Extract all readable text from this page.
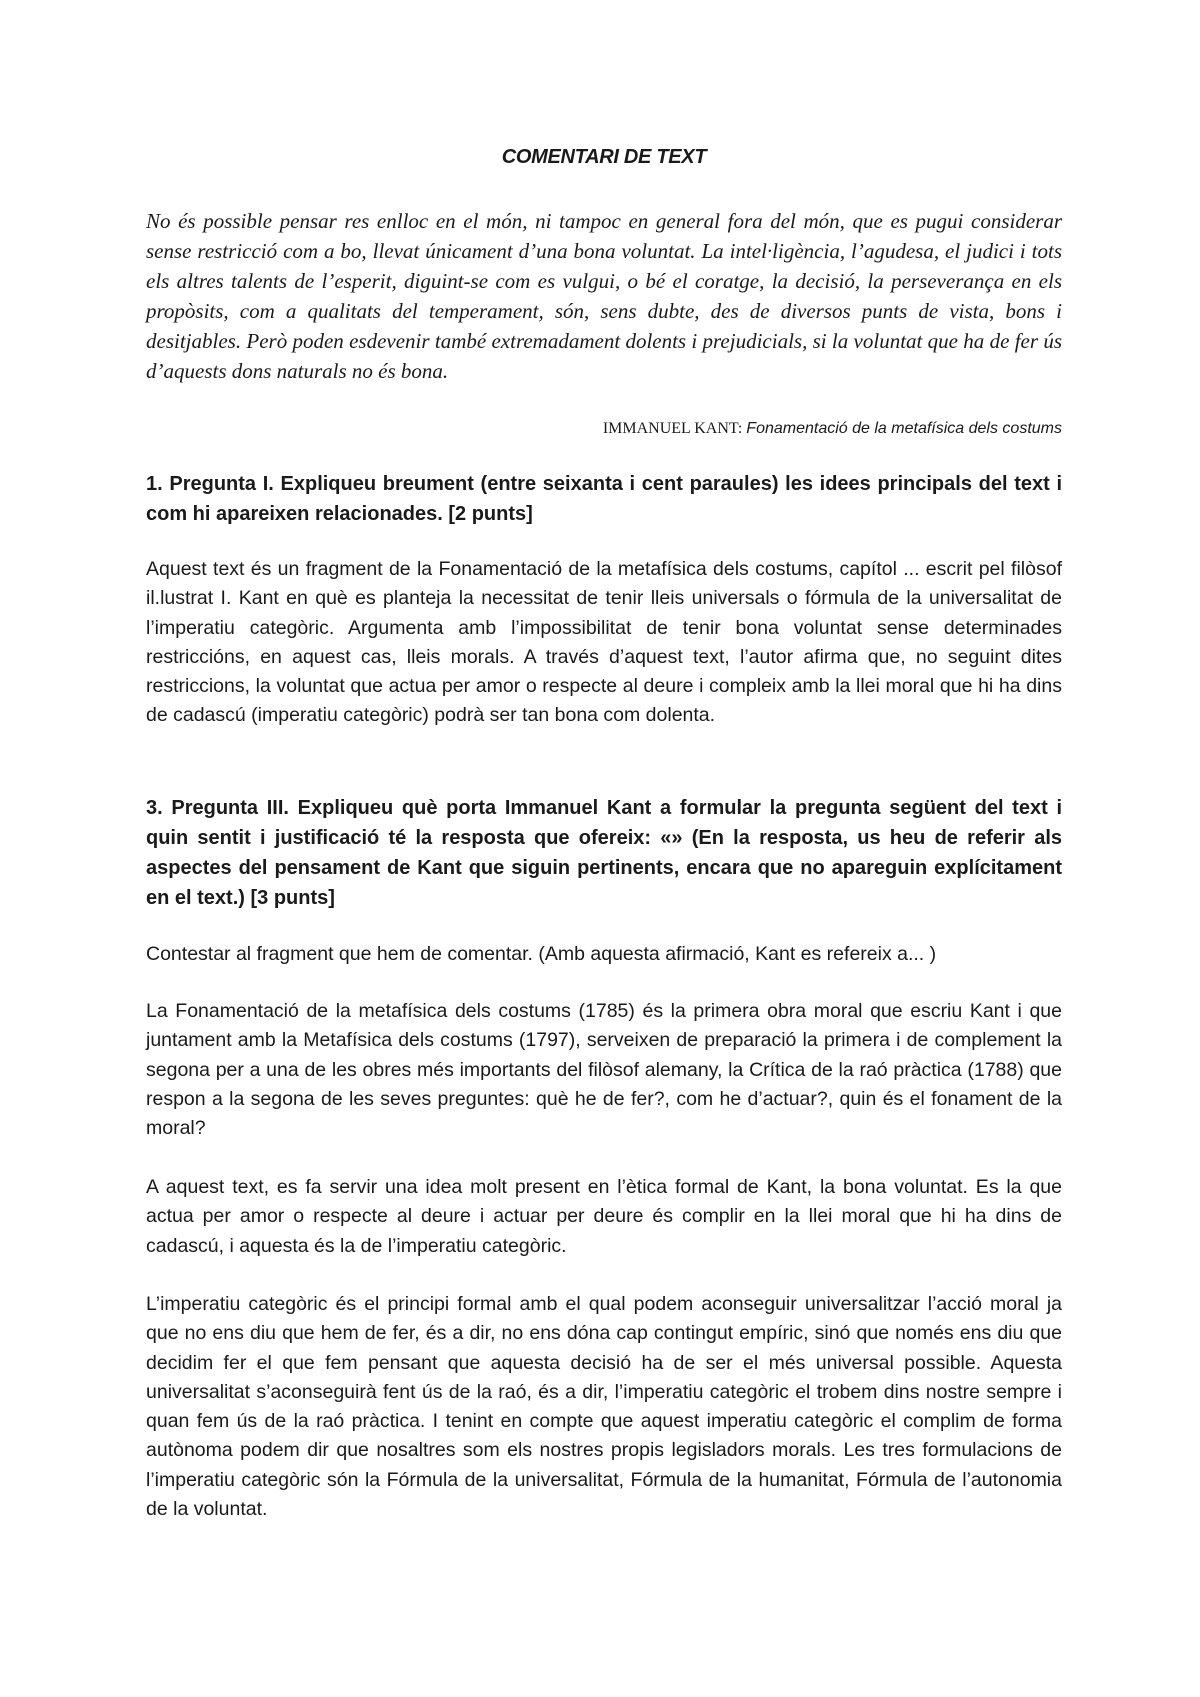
COMENTARI DE TEXT

No és possible pensar res enlloc en el món, ni tampoc en general fora del món, que es pugui considerar sense restricció com a bo, llevat únicament d’una bona voluntat. La intel·ligència, l’agudesa, el judici i tots els altres talents de l’esperit, diguint-se com es vulgui, o bé el coratge, la decisió, la perseverança en els propòsits, com a qualitats del temperament, són, sens dubte, des de diversos punts de vista, bons i desitjables. Però poden esdevenir també extremadament dolents i prejudicials, si la voluntat que ha de fer ús d’aquests dons naturals no és bona.

IMMANUEL KANT: Fonamentació de la metafísica dels costums

1. Pregunta I. Expliqueu breument (entre seixanta i cent paraules) les idees principals del text i com hi apareixen relacionades. [2 punts]

Aquest text és un fragment de la Fonamentació de la metafísica dels costums, capítol ... escrit pel filòsof il.lustrat I. Kant en què es planteja la necessitat de tenir lleis universals o fórmula de la universalitat de l’imperatiu categòric. Argumenta amb l’impossibilitat de tenir bona voluntat sense determinades restriccións, en aquest cas, lleis morals. A través d’aquest text, l’autor afirma que, no seguint dites restriccions, la voluntat que actua per amor o respecte al deure i compleix amb la llei moral que hi ha dins de cadascú (imperatiu categòric) podrà ser tan bona com dolenta.

3. Pregunta III. Expliqueu què porta Immanuel Kant a formular la pregunta següent del text i quin sentit i justificació té la resposta que ofereix: «» (En la resposta, us heu de referir als aspectes del pensament de Kant que siguin pertinents, encara que no apareguin explícitament en el text.) [3 punts]

Contestar al fragment que hem de comentar. (Amb aquesta afirmació, Kant es refereix a... )

La Fonamentació de la metafísica dels costums (1785) és la primera obra moral que escriu Kant i que juntament amb la Metafísica dels costums (1797), serveixen de preparació la primera i de complement la segona per a una de les obres més importants del filòsof alemany, la Crítica de la raó pràctica (1788) que respon a la segona de les seves preguntes: què he de fer?, com he d’actuar?, quin és el fonament de la moral?

A aquest text, es fa servir una idea molt present en l’ètica formal de Kant, la bona voluntat. Es la que actua per amor o respecte al deure i actuar per deure és complir en la llei moral que hi ha dins de cadascú, i aquesta és la de l’imperatiu categòric.

L’imperatiu categòric és el principi formal amb el qual podem aconseguir universalitzar l’acció moral ja que no ens diu que hem de fer, és a dir, no ens dóna cap contingut empíric, sinó que només ens diu que decidim fer el que fem pensant que aquesta decisió ha de ser el més universal possible. Aquesta universalitat s’aconseguirà fent ús de la raó, és a dir, l’imperatiu categòric el trobem dins nostre sempre i quan fem ús de la raó pràctica. I tenint en compte que aquest imperatiu categòric el complim de forma autònoma podem dir que nosaltres som els nostres propis legisladors morals. Les tres formulacions de l’imperatiu categòric són la Fórmula de la universalitat, Fórmula de la humanitat, Fórmula de l’autonomia de la voluntat.
